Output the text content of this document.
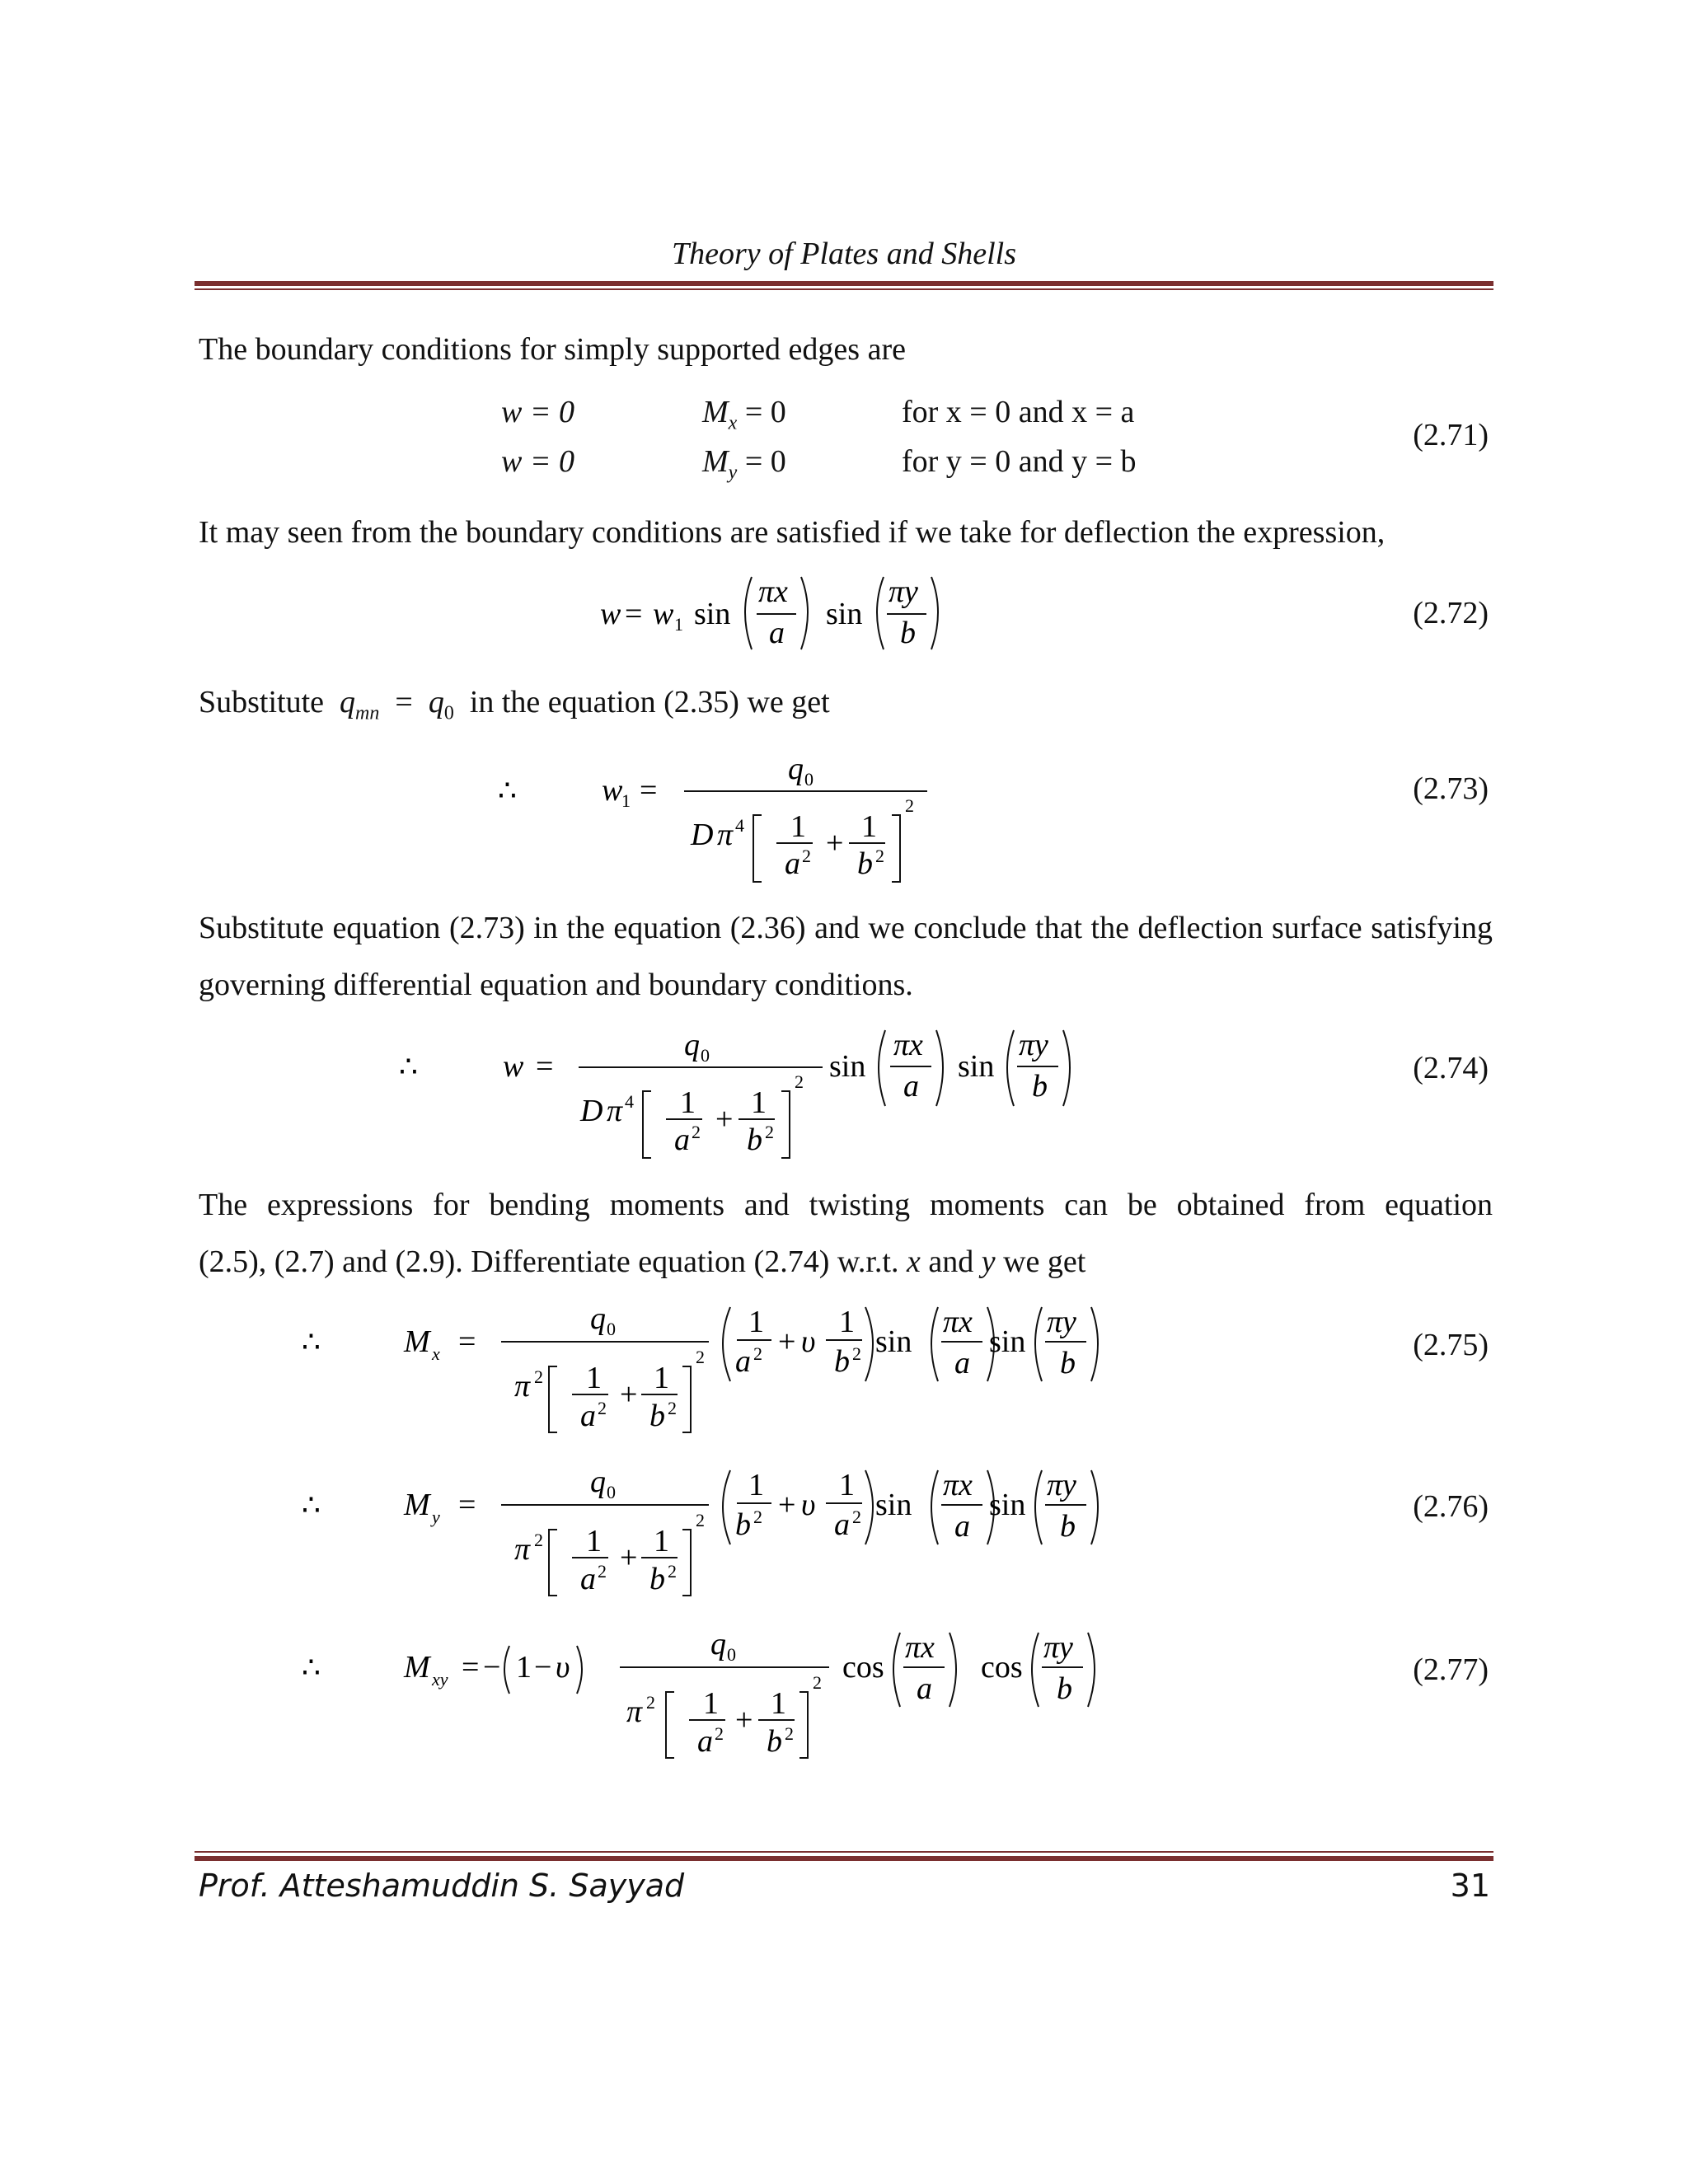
Theory of Plates and Shells
The boundary conditions for simply supported edges are
w = 0	$M_x = 0$	for x = 0 and x = a
w = 0	$M_y = 0$	for y = 0 and y = b
(2.71)
It may seen from the boundary conditions are satisfied if we take for deflection the expression,
w = w 1 sin
πx
a
sin
πy
b
(2.72)
Substitute $q_{mn} = q_0$ in the equation (2.35) we get
∴	w
1 =
q 0
D π 4 1
a 2 + 1
b 2
2	(2.73)
Substitute equation (2.73) in the equation (2.36) and we conclude that the deflection surface satisfying governing differential equation and boundary conditions.
∴	w =
q 0
D π 4 1
a 2 + 1
b 2
2 sin
πx
a
sin
πy
b
(2.74)
The expressions for bending moments and twisting moments can be obtained from equation
(2.5), (2.7) and (2.9). Differentiate equation (2.74) w.r.t. x and y we get
∴	M x =
q 0
π 2 1
a 2 + 1
b 2
2
1
a 2 + υ
1
b 2 sin
πx
a
sin
πy
b
(2.75)
∴	M y =
q 0
π 2 1
a 2 + 1
b 2
2
1
b 2 + υ
1
a 2 sin
πx
a
sin
πy
b
(2.76)
∴	M xy = − 1 − υ
q 0
π 2 1
a 2 + 1
b 2
2 cos
πx
a
cos
πy
b
(2.77)
Prof. Atteshamuddin S. Sayyad	31
